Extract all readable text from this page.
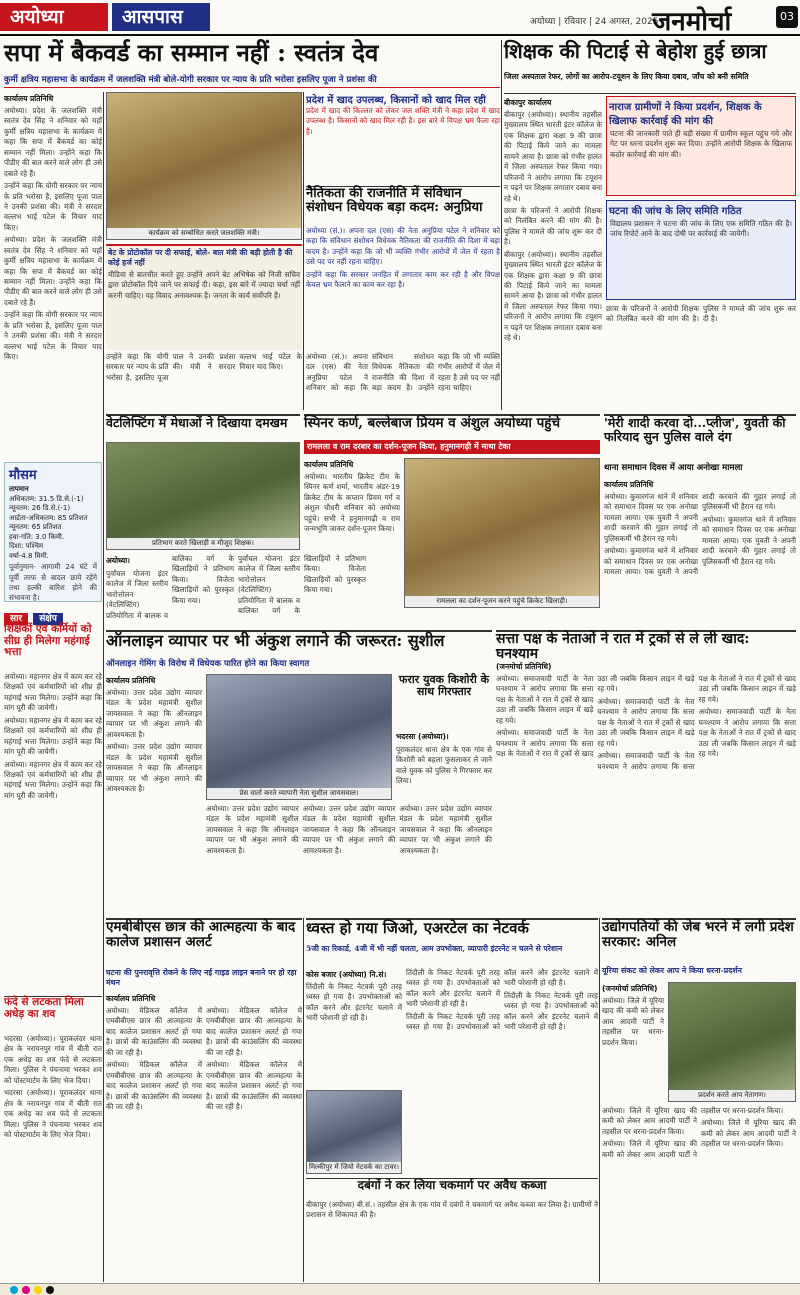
अयोध्या	आसपास	अयोध्या | रविवार | 24 अगस्त, 2025
जनमोर्चा	03
सपा में बैकवर्ड का सम्मान नहीं : स्वतंत्र देव
कुर्मी क्षत्रिय महासभा के कार्यक्रम में जलशक्ति मंत्री बोले-योगी सरकार पर न्याय के प्रति भरोसा इसलिए पूजा ने प्रशंसा की
कार्यालय प्रतिनिधि

अयोध्या। प्रदेश के जलशक्ति मंत्री स्वतंत्र देव सिंह ने शनिवार को यहाँ कुर्मी क्षत्रिय महासभा के कार्यक्रम में कहा कि सपा में बैकवर्ड का कोई सम्मान नहीं मिला। उन्होंने कहा कि पीडीए की बात करने वाले लोग ही उसे दबाते रहे हैं।

उन्होंने कहा कि योगी सरकार पर न्याय के प्रति भरोसा है, इसलिए पूजा पाल ने उनकी प्रशंसा की। मंत्री ने सरदार वल्लभ भाई पटेल के विचार याद किए।

अयोध्या। प्रदेश के जलशक्ति मंत्री स्वतंत्र देव सिंह ने शनिवार को यहाँ कुर्मी क्षत्रिय महासभा के कार्यक्रम में कहा कि सपा में बैकवर्ड का कोई सम्मान नहीं मिला। उन्होंने कहा कि पीडीए की बात करने वाले लोग ही उसे दबाते रहे हैं।

उन्होंने कहा कि योगी सरकार पर न्याय के प्रति भरोसा है, इसलिए पूजा पाल ने उनकी प्रशंसा की। मंत्री ने सरदार वल्लभ भाई पटेल के विचार याद किए।

कार्यक्रम को सम्बोधित करते जलशक्ति मंत्री।
बेट के प्रोटोकॉल पर दी सफाई, बोले- बात मंत्री की बड़ी होती है की कोई हर्ज नहीं
मीडिया से बातचीत करते हुए उन्होंने अपने बेट अभिषेक को निजी सचिव द्वारा प्रोटोकॉल दिये जाने पर सफाई दी। कहा, इस बारे में ज्यादा चर्चा नहीं करनी चाहिए। यह विवाद अनावश्यक है। जनता के कार्य सर्वोपरि हैं।
उन्होंने कहा कि योगी सरकार पर न्याय के प्रति भरोसा है, इसलिए पूजा पाल ने उनकी प्रशंसा की। मंत्री ने सरदार वल्लभ भाई पटेल के विचार याद किए।
प्रदेश में खाद उपलब्ध, किसानों को खाद मिल रही
प्रदेश में खाद की किल्लत को लेकर जल शक्ति मंत्री ने कहा प्रदेश में खाद उपलब्ध है। किसानों को खाद मिल रही है। इस बारे में विपक्ष भ्रम फैला रहा है।
नैतिकता की राजनीति में संविधान संशोधन विधेयक बड़ा कदम: अनुप्रिया

अयोध्या (सं.)। अपना दल (एस) की नेता अनुप्रिया पटेल ने शनिवार को कहा कि संविधान संशोधन विधेयक नैतिकता की राजनीति की दिशा में बड़ा कदम है। उन्होंने कहा कि जो भी व्यक्ति गंभीर आरोपों में जेल में रहता है उसे पद पर नहीं रहना चाहिए।

उन्होंने कहा कि सरकार जनहित में लगातार काम कर रही है और विपक्ष केवल भ्रम फैलाने का काम कर रहा है।

अयोध्या (सं.)। अपना दल (एस) की नेता अनुप्रिया पटेल ने शनिवार को कहा कि संविधान संशोधन विधेयक नैतिकता की राजनीति की दिशा में बड़ा कदम है। उन्होंने कहा कि जो भी व्यक्ति गंभीर आरोपों में जेल में रहता है उसे पद पर नहीं रहना चाहिए।
शिक्षक की पिटाई से बेहोश हुई छात्रा
जिला अस्पताल रेफर, लोगों का आरोप-टयूशन के लिए किया दबाव, जाँच को बनी समिति
बीकापुर कार्यालय

बीकापुर (अयोध्या)। स्थानीय तहसील मुख्यालय स्थित भारती इंटर कॉलेज के एक शिक्षक द्वारा कक्षा 9 की छात्रा की पिटाई किये जाने का मामला सामने आया है। छात्रा को गंभीर हालत में जिला अस्पताल रेफर किया गया। परिजनों ने आरोप लगाया कि टयूशन न पढ़ने पर शिक्षक लगातार दबाव बना रहे थे।

छात्रा के परिजनों ने आरोपी शिक्षक को निलंबित करने की मांग की है। पुलिस ने मामले की जांच शुरू कर दी है।

बीकापुर (अयोध्या)। स्थानीय तहसील मुख्यालय स्थित भारती इंटर कॉलेज के एक शिक्षक द्वारा कक्षा 9 की छात्रा की पिटाई किये जाने का मामला सामने आया है। छात्रा को गंभीर हालत में जिला अस्पताल रेफर किया गया। परिजनों ने आरोप लगाया कि टयूशन न पढ़ने पर शिक्षक लगातार दबाव बना रहे थे।

नाराज ग्रामीणों ने किया प्रदर्शन, शिक्षक के खिलाफ कार्रवाई की मांग की
घटना की जानकारी पाते ही बड़ी संख्या में ग्रामीण स्कूल पहुंच गये और गेट पर धरना प्रदर्शन शुरू कर दिया। उन्होंने आरोपी शिक्षक के खिलाफ कठोर कार्रवाई की मांग की।
घटना की जांच के लिए समिति गठित
विद्यालय प्रशासन ने घटना की जांच के लिए एक समिति गठित की है। जांच रिपोर्ट आने के बाद दोषी पर कार्रवाई की जायेगी।
छात्रा के परिजनों ने आरोपी शिक्षक को निलंबित करने की मांग की है। पुलिस ने मामले की जांच शुरू कर दी है।
मौसम
तापमान
अधिकतम: 31.5 डि.से.(-1)
न्यूनतम: 26 डि.से.(-1)
आर्द्रता-अधिकतम: 85 प्रतिशत
न्यूनतम: 65 प्रतिशत
हवा-गति: 3.0 किमी.
दिशा: पश्चिम
वर्षा-4.8 मिमी.
पूर्वानुमान- आगामी 24 घंटे में पूर्वी तरफ से बादल छाये रहेंगे तथा हल्की बारिश होने की संभावना है।
वेटलिफ्टिंग में मेधाओं ने दिखाया दमखम
प्रतिभाग करते खिलाड़ी व मौजूद शिक्षक।

अयोध्या।

पुर्वांचल योजना इंटर कालेज में जिला स्तरीय भारोत्तोलन (वेटलिफ्टिंग) प्रतियोगिता में बालक व बालिका वर्ग के खिलाड़ियों ने प्रतिभाग किया। विजेता खिलाड़ियों को पुरस्कृत किया गया।

पुर्वांचल योजना इंटर कालेज में जिला स्तरीय भारोत्तोलन (वेटलिफ्टिंग) प्रतियोगिता में बालक व बालिका वर्ग के खिलाड़ियों ने प्रतिभाग किया। विजेता खिलाड़ियों को पुरस्कृत किया गया।

स्पिनर कर्ण, बल्लेबाज प्रियम व अंशुल अयोध्या पहुंचे
रामलला व राम दरबार का दर्शन-पूजन किया, हनुमानगढ़ी में माथा टेका
कार्यालय प्रतिनिधि
अयोध्या। भारतीय क्रिकेट टीम के स्पिनर कर्ण शर्मा, भारतीय अंडर-19 क्रिकेट टीम के कप्तान प्रियम गर्ग व अंशुल चौधरी शनिवार को अयोध्या पहुंचे। सभी ने हनुमानगढ़ी व राम जन्मभूमि जाकर दर्शन-पूजन किया।
रामलला का दर्शन-पूजन करने पहुंचे क्रिकेट खिलाड़ी।
'मेरी शादी करवा दो...प्लीज', युवती की फरियाद सुन पुलिस वाले दंग
थाना समाधान दिवस में आया अनोखा मामला
कार्यालय प्रतिनिधि

अयोध्या। कुमारगंज थाने में शनिवार को समाधान दिवस पर एक अनोखा मामला आया। एक युवती ने अपनी शादी करवाने की गुहार लगाई तो पुलिसकर्मी भी हैरान रह गये।

अयोध्या। कुमारगंज थाने में शनिवार को समाधान दिवस पर एक अनोखा मामला आया। एक युवती ने अपनी शादी करवाने की गुहार लगाई तो पुलिसकर्मी भी हैरान रह गये।

अयोध्या। कुमारगंज थाने में शनिवार को समाधान दिवस पर एक अनोखा मामला आया। एक युवती ने अपनी शादी करवाने की गुहार लगाई तो पुलिसकर्मी भी हैरान रह गये।

सार संक्षेप
शिक्षकों एवं कर्मियों को सीघ्र ही मिलेगा महंगाई भत्ता

अयोध्या। महानगर क्षेत्र में काम कर रहे शिक्षकों एवं कर्मचारियों को शीघ्र ही महंगाई भत्ता मिलेगा। उन्होंने कहा कि मांग पूरी की जायेगी।

अयोध्या। महानगर क्षेत्र में काम कर रहे शिक्षकों एवं कर्मचारियों को शीघ्र ही महंगाई भत्ता मिलेगा। उन्होंने कहा कि मांग पूरी की जायेगी।

अयोध्या। महानगर क्षेत्र में काम कर रहे शिक्षकों एवं कर्मचारियों को शीघ्र ही महंगाई भत्ता मिलेगा। उन्होंने कहा कि मांग पूरी की जायेगी।

फंदे से लटकता मिला अधेड़ का शव

भदरसा (अयोध्या)। पूराकलंदर थाना क्षेत्र के नरायनपुर गांव में बीती रात एक अधेड़ का शव फंदे से लटकता मिला। पुलिस ने पंचनामा भरकर शव को पोस्टमार्टम के लिए भेज दिया।

भदरसा (अयोध्या)। पूराकलंदर थाना क्षेत्र के नरायनपुर गांव में बीती रात एक अधेड़ का शव फंदे से लटकता मिला। पुलिस ने पंचनामा भरकर शव को पोस्टमार्टम के लिए भेज दिया।

ऑनलाइन व्यापार पर भी अंकुश लगाने की जरूरत: सुशील
ऑनलाइन गेमिंग के विरोध में विधेयक पारित होने का किया स्वागत
कार्यालय प्रतिनिधि

अयोध्या। उत्तर प्रदेश उद्योग व्यापार मंडल के प्रदेश महामंत्री सुशील जायसवाल ने कहा कि ऑनलाइन व्यापार पर भी अंकुश लगाने की आवश्यकता है।

अयोध्या। उत्तर प्रदेश उद्योग व्यापार मंडल के प्रदेश महामंत्री सुशील जायसवाल ने कहा कि ऑनलाइन व्यापार पर भी अंकुश लगाने की आवश्यकता है।

प्रेस वार्ता करते व्यापारी नेता सुशील जायसवाल।

अयोध्या। उत्तर प्रदेश उद्योग व्यापार मंडल के प्रदेश महामंत्री सुशील जायसवाल ने कहा कि ऑनलाइन व्यापार पर भी अंकुश लगाने की आवश्यकता है।

अयोध्या। उत्तर प्रदेश उद्योग व्यापार मंडल के प्रदेश महामंत्री सुशील जायसवाल ने कहा कि ऑनलाइन व्यापार पर भी अंकुश लगाने की आवश्यकता है।

अयोध्या। उत्तर प्रदेश उद्योग व्यापार मंडल के प्रदेश महामंत्री सुशील जायसवाल ने कहा कि ऑनलाइन व्यापार पर भी अंकुश लगाने की आवश्यकता है।

फरार युवक किशोरी के साथ गिरफ्तार

भदरसा (अयोध्या)।

पूराकलंदर थाना क्षेत्र के एक गांव से किशोरी को बहला फुसलाकर ले जाने वाले युवक को पुलिस ने गिरफ्तार कर लिया।

सत्ता पक्ष के नेताओं ने रात में ट्रकों से ले ली खाद: घनश्याम
(जनमोर्चा प्रतिनिधि)

अयोध्या। समाजवादी पार्टी के नेता घनश्याम ने आरोप लगाया कि सत्ता पक्ष के नेताओं ने रात में ट्रकों से खाद उठा ली जबकि किसान लाइन में खड़े रह गये।

अयोध्या। समाजवादी पार्टी के नेता घनश्याम ने आरोप लगाया कि सत्ता पक्ष के नेताओं ने रात में ट्रकों से खाद उठा ली जबकि किसान लाइन में खड़े रह गये।

अयोध्या। समाजवादी पार्टी के नेता घनश्याम ने आरोप लगाया कि सत्ता पक्ष के नेताओं ने रात में ट्रकों से खाद उठा ली जबकि किसान लाइन में खड़े रह गये।

अयोध्या। समाजवादी पार्टी के नेता घनश्याम ने आरोप लगाया कि सत्ता पक्ष के नेताओं ने रात में ट्रकों से खाद उठा ली जबकि किसान लाइन में खड़े रह गये।

अयोध्या। समाजवादी पार्टी के नेता घनश्याम ने आरोप लगाया कि सत्ता पक्ष के नेताओं ने रात में ट्रकों से खाद उठा ली जबकि किसान लाइन में खड़े रह गये।

एमबीबीएस छात्र की आत्महत्या के बाद कालेज प्रशासन अलर्ट
घटना की पुनरावृत्ति रोकने के लिए नई गाइड लाइन बनाने पर हो रहा मंथन
कार्यालय प्रतिनिधि

अयोध्या। मेडिकल कॉलेज में एमबीबीएस छात्र की आत्महत्या के बाद कालेज प्रशासन अलर्ट हो गया है। छात्रों की काउंसलिंग की व्यवस्था की जा रही है।

अयोध्या। मेडिकल कॉलेज में एमबीबीएस छात्र की आत्महत्या के बाद कालेज प्रशासन अलर्ट हो गया है। छात्रों की काउंसलिंग की व्यवस्था की जा रही है।

अयोध्या। मेडिकल कॉलेज में एमबीबीएस छात्र की आत्महत्या के बाद कालेज प्रशासन अलर्ट हो गया है। छात्रों की काउंसलिंग की व्यवस्था की जा रही है।

अयोध्या। मेडिकल कॉलेज में एमबीबीएस छात्र की आत्महत्या के बाद कालेज प्रशासन अलर्ट हो गया है। छात्रों की काउंसलिंग की व्यवस्था की जा रही है।

ध्वस्त हो गया जिओ, एअरटेल का नेटवर्क
5जी का रिकार्ड, 4जी में भी नहीं चलता, आम उपभोक्ता, व्यापारी इंटरनेट न चलने से परेशान
कोस बजार (अयोध्या) नि.सं।
तिंदौली के निकट नेटवर्क पूरी तरह ध्वस्त हो गया है। उपभोक्ताओं को कॉल करने और इंटरनेट चलाने में भारी परेशानी हो रही है।
मिल्कीपुर में जियो नेटवर्क का टावर।

तिंदौली के निकट नेटवर्क पूरी तरह ध्वस्त हो गया है। उपभोक्ताओं को कॉल करने और इंटरनेट चलाने में भारी परेशानी हो रही है।

तिंदौली के निकट नेटवर्क पूरी तरह ध्वस्त हो गया है। उपभोक्ताओं को कॉल करने और इंटरनेट चलाने में भारी परेशानी हो रही है।

तिंदौली के निकट नेटवर्क पूरी तरह ध्वस्त हो गया है। उपभोक्ताओं को कॉल करने और इंटरनेट चलाने में भारी परेशानी हो रही है।

दबंगों ने कर लिया चकमार्ग पर अवैध कब्जा
बीकापुर (अयोध्या) बी.सं.। तहसील क्षेत्र के एक गांव में दबंगों ने चकमार्ग पर अवैध कब्जा कर लिया है। ग्रामीणों ने प्रशासन से शिकायत की है।
उद्योगपतियों की जेब भरने में लगी प्रदेश सरकार: अनिल
यूरिया संकट को लेकर आप ने किया धरना-प्रदर्शन
(जनमोर्चा प्रतिनिधि)
अयोध्या। जिले में यूरिया खाद की कमी को लेकर आम आदमी पार्टी ने तहसील पर धरना-प्रदर्शन किया।
प्रदर्शन करते आप नेतागण।

अयोध्या। जिले में यूरिया खाद की कमी को लेकर आम आदमी पार्टी ने तहसील पर धरना-प्रदर्शन किया।

अयोध्या। जिले में यूरिया खाद की कमी को लेकर आम आदमी पार्टी ने तहसील पर धरना-प्रदर्शन किया।

अयोध्या। जिले में यूरिया खाद की कमी को लेकर आम आदमी पार्टी ने तहसील पर धरना-प्रदर्शन किया।
